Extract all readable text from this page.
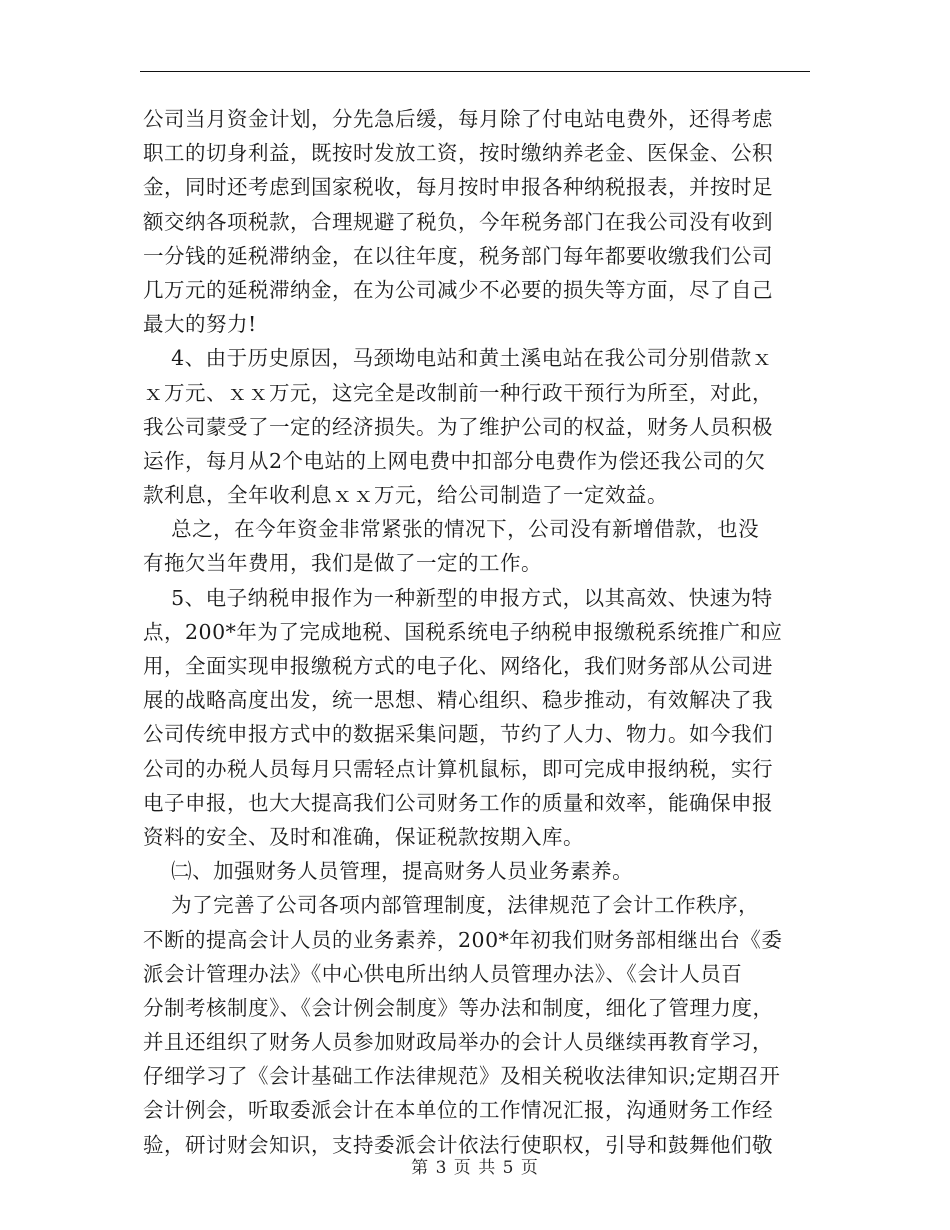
公司当月资金计划，分先急后缓，每月除了付电站电费外，还得考虑
职工的切身利益，既按时发放工资，按时缴纳养老金、医保金、公积
金，同时还考虑到国家税收，每月按时申报各种纳税报表，并按时足
额交纳各项税款，合理规避了税负，今年税务部门在我公司没有收到
一分钱的延税滞纳金，在以往年度，税务部门每年都要收缴我们公司
几万元的延税滞纳金，在为公司减少不必要的损失等方面，尽了自己
最大的努力!
4、由于历史原因，马颈坳电站和黄土溪电站在我公司分别借款ｘ
ｘ万元、ｘｘ万元，这完全是改制前一种行政干预行为所至，对此，
我公司蒙受了一定的经济损失。为了维护公司的权益，财务人员积极
运作，每月从2个电站的上网电费中扣部分电费作为偿还我公司的欠
款利息，全年收利息ｘｘ万元，给公司制造了一定效益。
总之，在今年资金非常紧张的情况下，公司没有新增借款，也没
有拖欠当年费用，我们是做了一定的工作。
5、电子纳税申报作为一种新型的申报方式，以其高效、快速为特
点，200*年为了完成地税、国税系统电子纳税申报缴税系统推广和应
用，全面实现申报缴税方式的电子化、网络化，我们财务部从公司进
展的战略高度出发，统一思想、精心组织、稳步推动，有效解决了我
公司传统申报方式中的数据采集问题，节约了人力、物力。如今我们
公司的办税人员每月只需轻点计算机鼠标，即可完成申报纳税，实行
电子申报，也大大提高我们公司财务工作的质量和效率，能确保申报
资料的安全、及时和准确，保证税款按期入库。
㈡、加强财务人员管理，提高财务人员业务素养。
为了完善了公司各项内部管理制度，法律规范了会计工作秩序，
不断的提高会计人员的业务素养，200*年初我们财务部相继出台《委
派会计管理办法》《中心供电所出纳人员管理办法》、《会计人员百
分制考核制度》、《会计例会制度》等办法和制度，细化了管理力度，
并且还组织了财务人员参加财政局举办的会计人员继续再教育学习，
仔细学习了《会计基础工作法律规范》及相关税收法律知识;定期召开
会计例会，听取委派会计在本单位的工作情况汇报，沟通财务工作经
验，研讨财会知识，支持委派会计依法行使职权，引导和鼓舞他们敬
第 3 页 共 5 页
